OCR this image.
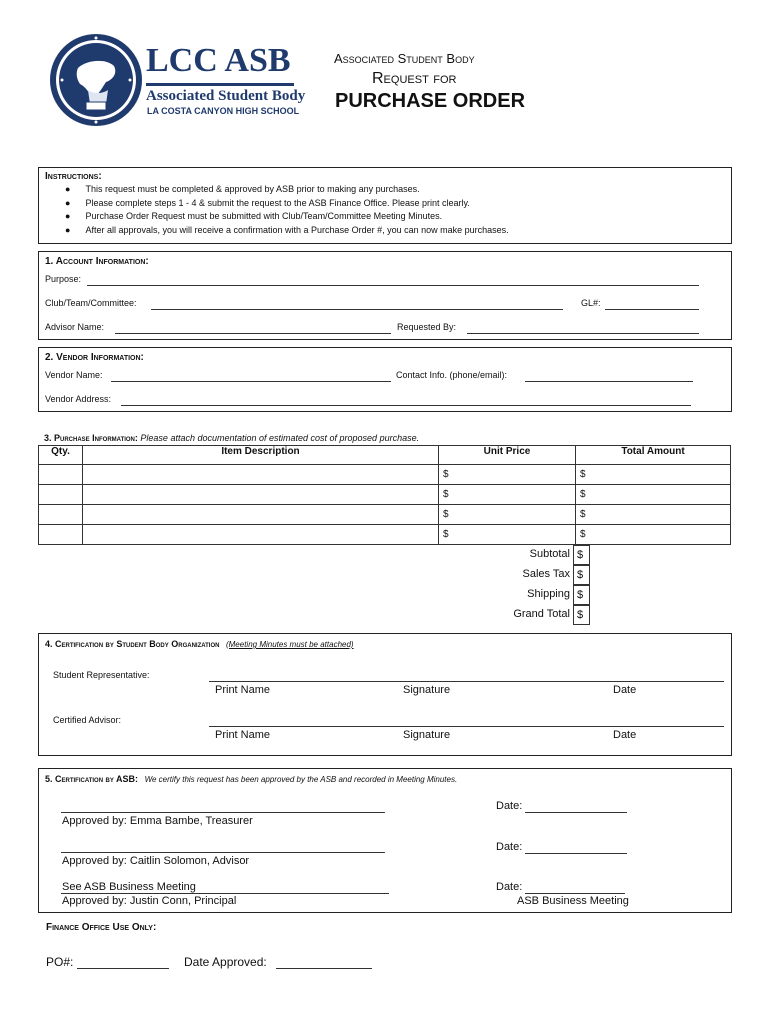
LCC ASB
Associated Student Body
LA COSTA CANYON HIGH SCHOOL
Associated Student Body
Request for
PURCHASE ORDER
Instructions:
●      This request must be completed & approved by ASB prior to making any purchases.
●      Please complete steps 1 - 4 & submit the request to the ASB Finance Office. Please print clearly.
●      Purchase Order Request must be submitted with Club/Team/Committee Meeting Minutes.
●      After all approvals, you will receive a confirmation with a Purchase Order #, you can now make purchases.
1. Account Information:
Purpose:
Club/Team/Committee:	GL#:
Advisor Name:	Requested By:
2. Vendor Information:
Vendor Name:	Contact Info. (phone/email):
Vendor Address:
3. Purchase Information: Please attach documentation of estimated cost of proposed purchase.
Qty.	Item Description	Unit Price	Total Amount
		$	$
		$	$
		$	$
		$	$
Subtotal $
Sales Tax $
Shipping $
Grand Total $
4. Certification by Student Body Organization (Meeting Minutes must be attached)
Student Representative:
Print Name	Signature	Date
Certified Advisor:
Print Name	Signature	Date
5. Certification by ASB: We certify this request has been approved by the ASB and recorded in Meeting Minutes.
Approved by: Emma Bambe, Treasurer
Date:
Approved by: Caitlin Solomon, Advisor
Date:
See ASB Business Meeting
Approved by: Justin Conn, Principal
Date:
ASB Business Meeting
Finance Office Use Only:
PO#:	Date Approved:
